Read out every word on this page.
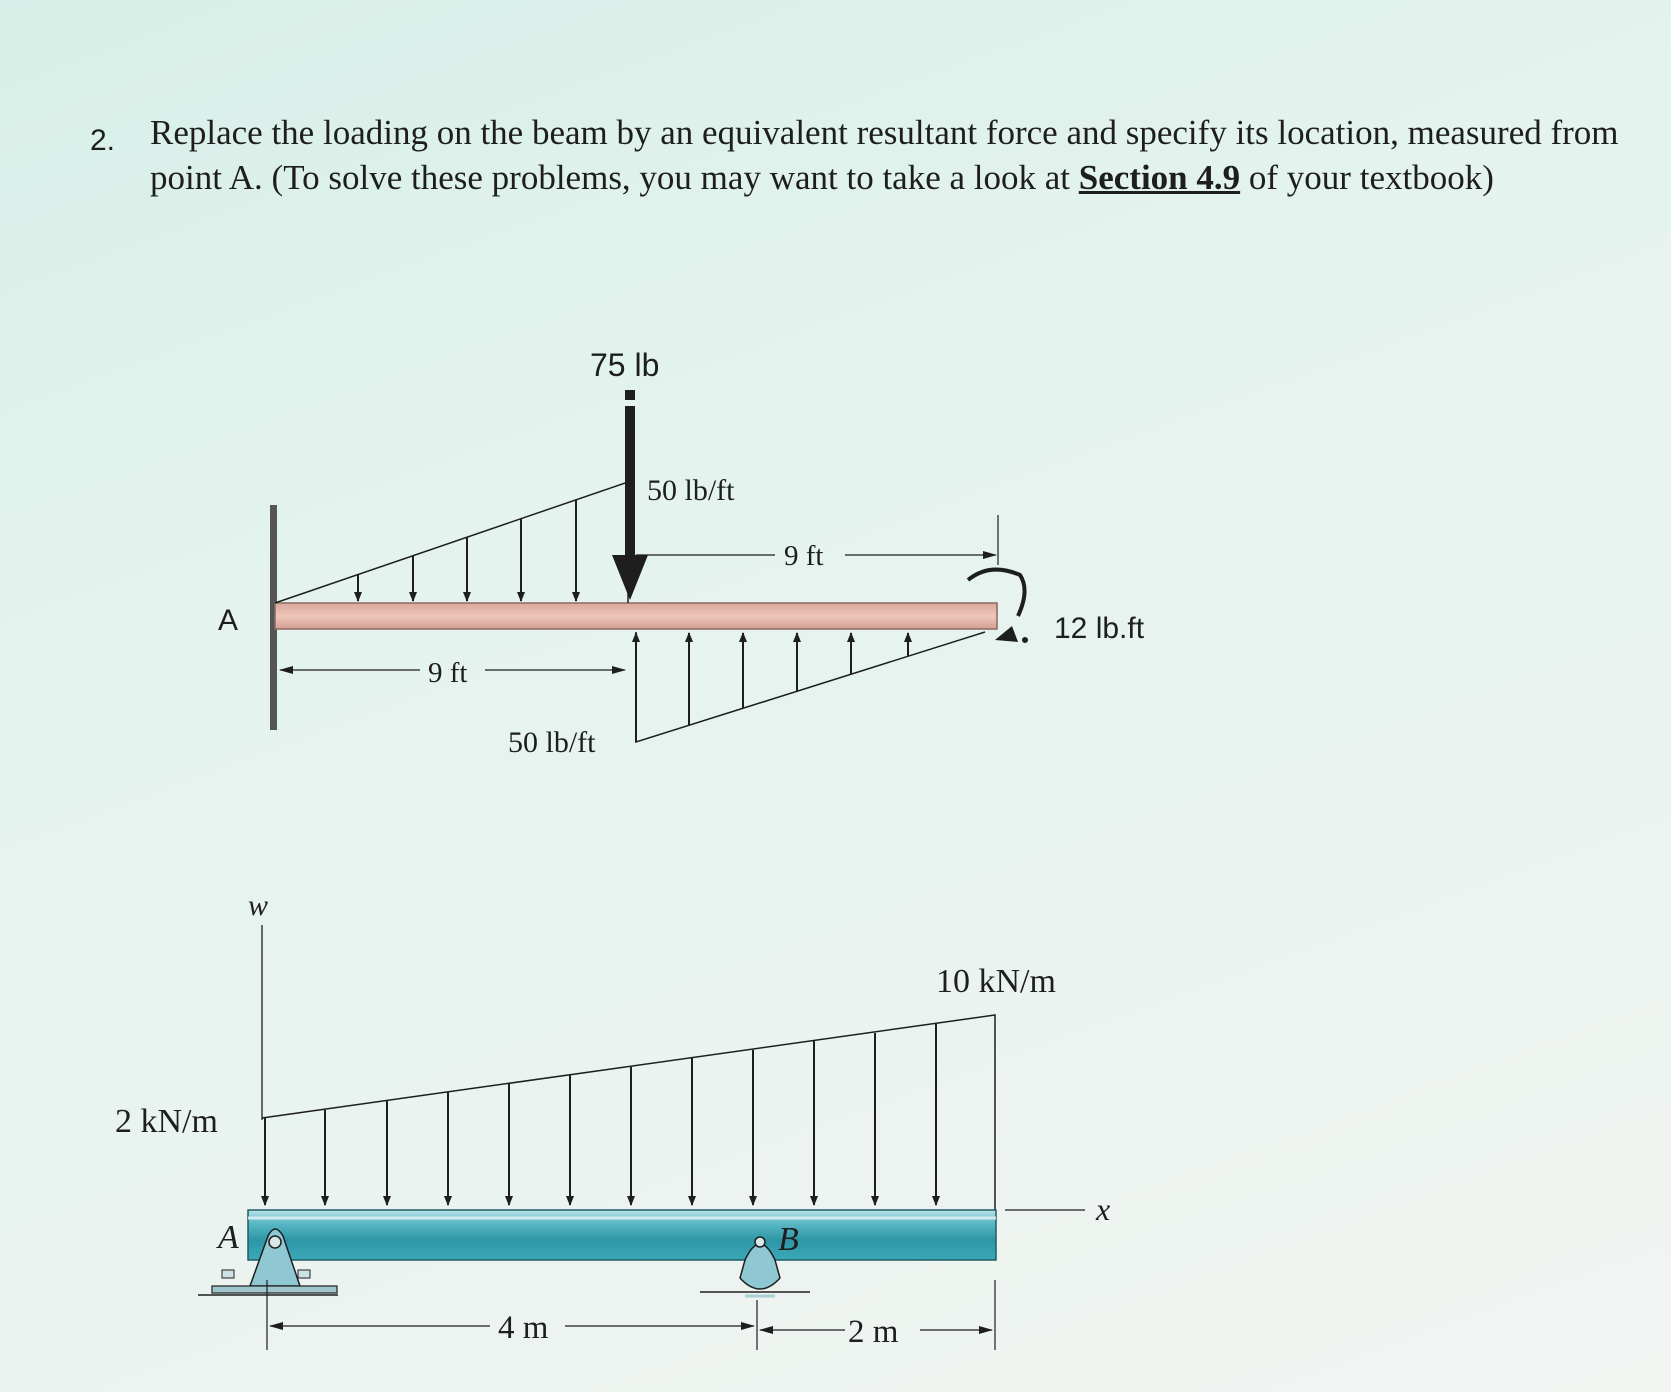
2. Replace the loading on the beam by an equivalent resultant force and specify its location, measured from point A. (To solve these problems, you may want to take a look at Section 4.9 of your textbook)
75 lb
50 lb/ft
50 lb/ft
A
9 ft
9 ft
12 lb.ft
w
2 kN/m
10 kN/m
x
A	B
4 m	2 m
